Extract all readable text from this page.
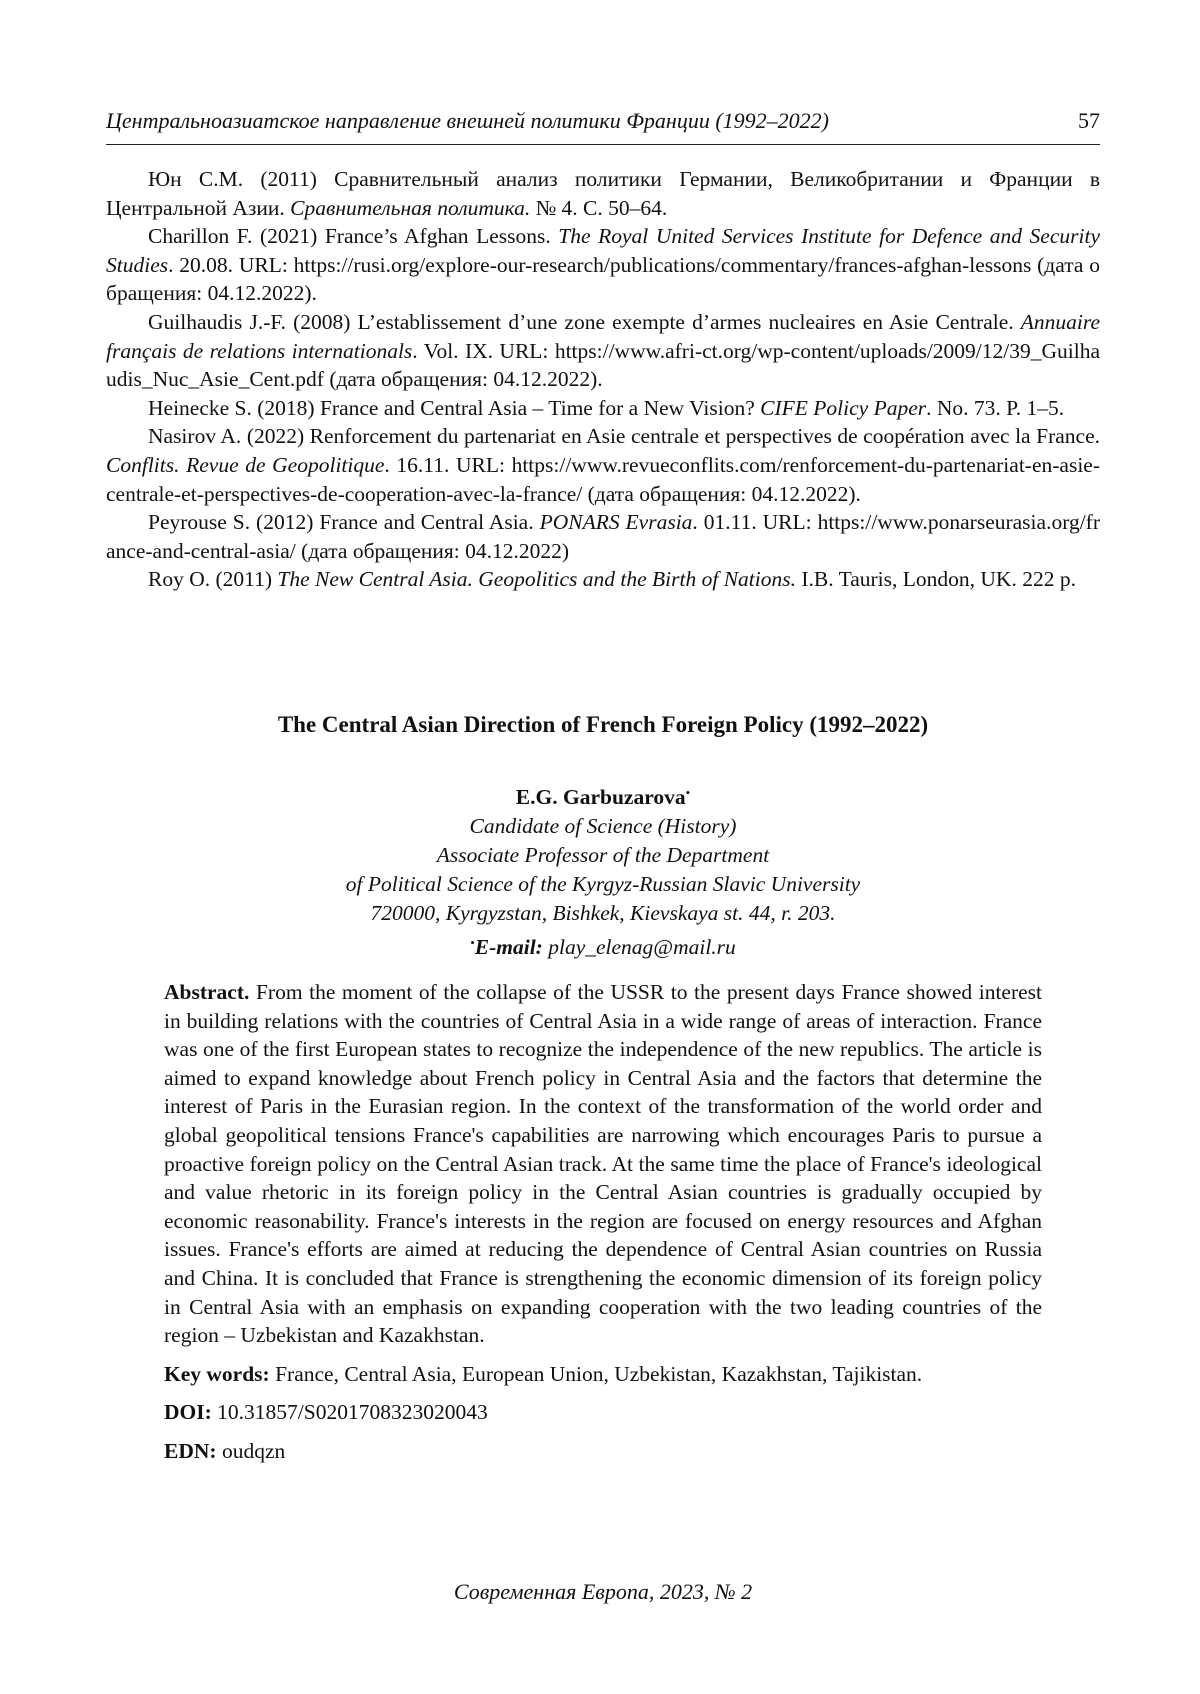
Центральноазиатское направление внешней политики Франции (1992–2022)	57

Юн С.М. (2011) Сравнительный анализ политики Германии, Великобритании и Франции в Центральной Азии. Сравнительная политика. № 4. С. 50–64.

Charillon F. (2021) France’s Afghan Lessons. The Royal United Services Institute for Defence and Security Studies. 20.08. URL: https://rusi.org/explore-our-research/publications/commentary/frances-afghan-lessons (дата обращения: 04.12.2022).

Guilhaudis J.-F. (2008) L’establissement d’une zone exempte d’armes nucleaires en Asie Centrale. Annuaire français de relations internationals. Vol. IX. URL: https://www.afri-ct.org/wp-content/uploads/2009/12/39_Guilhaudis_Nuc_Asie_Cent.pdf (дата обращения: 04.12.2022).

Heinecke S. (2018) France and Central Asia – Time for a New Vision? CIFE Policy Paper. No. 73. P. 1–5.

Nasirov A. (2022) Renforcement du partenariat en Asie centrale et perspectives de coopération avec la France. Conflits. Revue de Geopolitique. 16.11. URL: https://www.revueconflits.com/renforcement-du-partenariat-en-asie-centrale-et-perspectives-de-cooperation-avec-la-france/ (дата обращения: 04.12.2022).

Peyrouse S. (2012) France and Central Asia. PONARS Evrasia. 01.11. URL: https://www.ponarseurasia.org/france-and-central-asia/ (дата обращения: 04.12.2022)

Roy O. (2011) The New Central Asia. Geopolitics and the Birth of Nations. I.B. Tauris, London, UK. 222 p.

The Central Asian Direction of French Foreign Policy (1992–2022)
E.G. Garbuzarova•
Candidate of Science (History)
Associate Professor of the Department
of Political Science of the Kyrgyz-Russian Slavic University
720000, Kyrgyzstan, Bishkek, Kievskaya st. 44, r. 203.
•E-mail: play_elenag@mail.ru

Abstract. From the moment of the collapse of the USSR to the present days France showed interest in building relations with the countries of Central Asia in a wide range of areas of interaction. France was one of the first European states to recognize the independence of the new republics. The article is aimed to expand knowledge about French policy in Central Asia and the factors that determine the interest of Paris in the Eurasian region. In the context of the transformation of the world order and global geopolitical tensions France's capabilities are narrowing which encourages Paris to pursue a proactive foreign policy on the Central Asian track. At the same time the place of France's ideological and value rhetoric in its foreign policy in the Central Asian countries is gradually occupied by economic reasonability. France's interests in the region are focused on energy resources and Afghan issues. France's efforts are aimed at reducing the dependence of Central Asian countries on Russia and China. It is concluded that France is strengthening the economic dimension of its foreign policy in Central Asia with an emphasis on expanding cooperation with the two leading countries of the region – Uzbekistan and Kazakhstan.

Key words: France, Central Asia, European Union, Uzbekistan, Kazakhstan, Tajikistan.

DOI: 10.31857/S0201708323020043

EDN: oudqzn

Современная Европа, 2023, № 2
